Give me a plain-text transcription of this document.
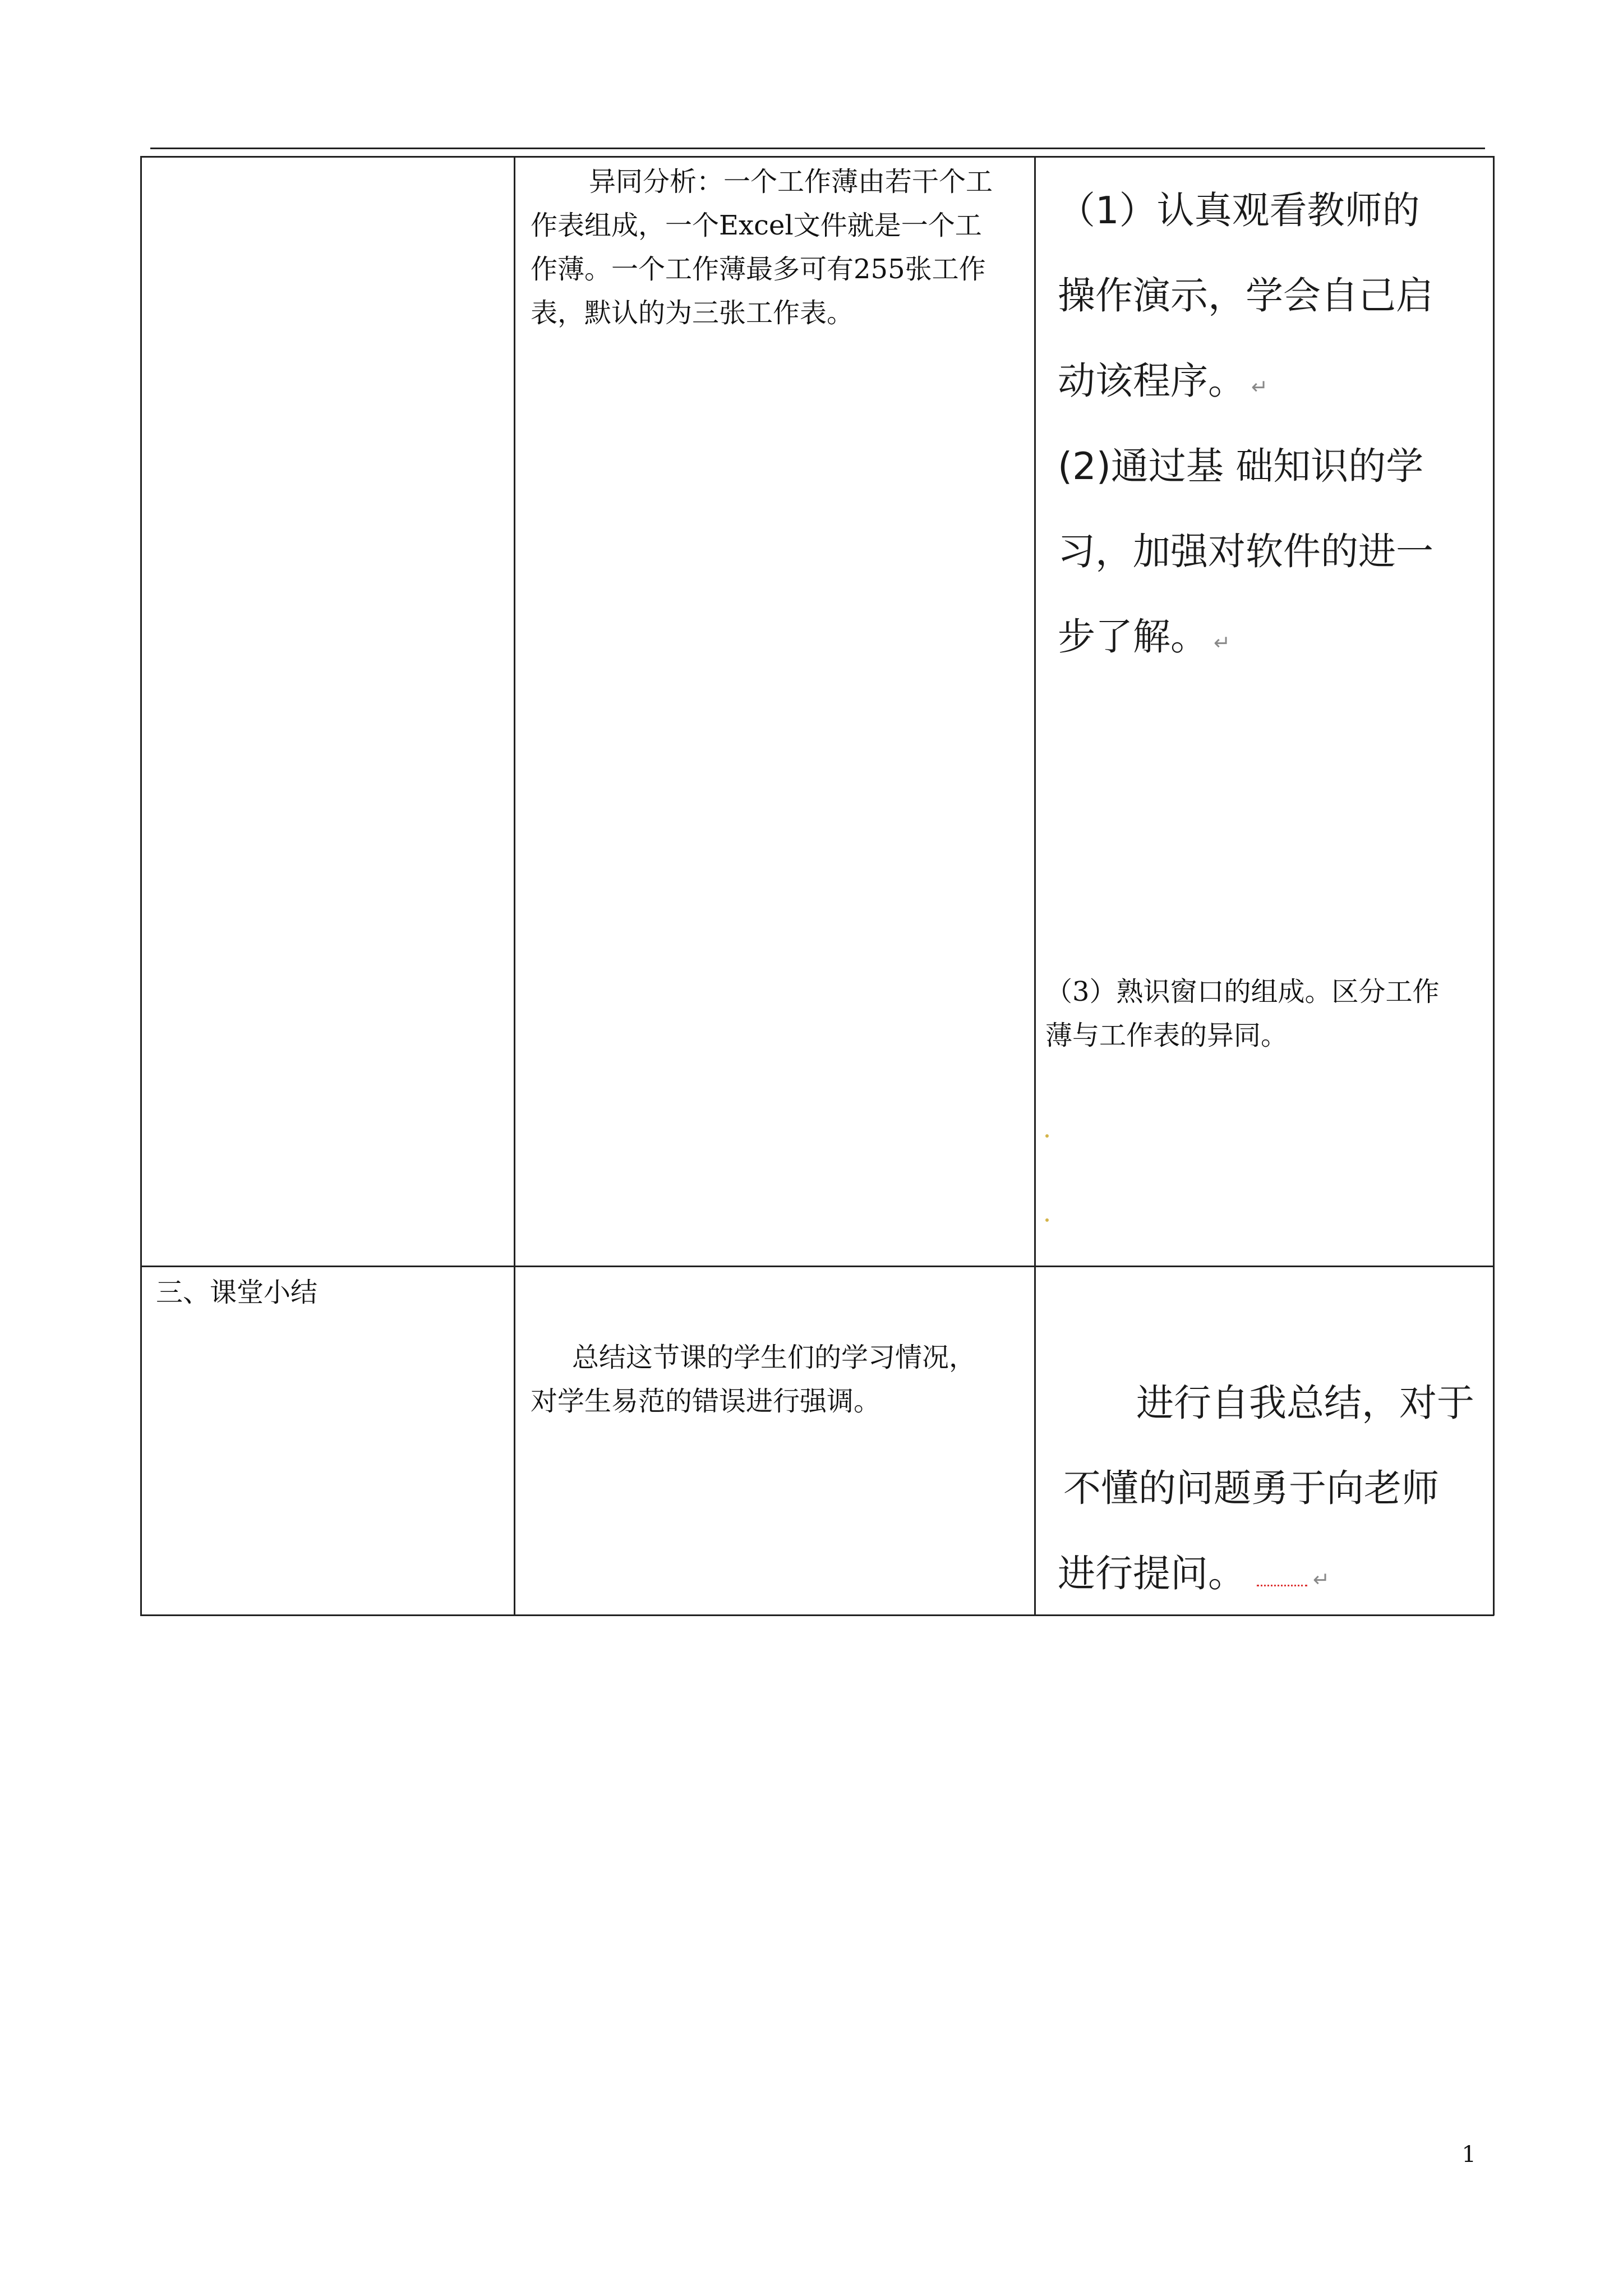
异同分析：一个工作薄由若干个工
作表组成，一个Excel文件就是一个工
作薄。一个工作薄最多可有255张工作
表，默认的为三张工作表。
（1）认真观看教师的
操作演示，学会自己启
动该程序。 ↵
(2)通过基 础知识的学
习，加强对软件的进一
步了解。 ↵
（3）熟识窗口的组成。区分工作
薄与工作表的异同。
三、课堂小结
总结这节课的学生们的学习情况，
对学生易范的错误进行强调。	进行自我总结，对于
不懂的问题勇于向老师
进行提问。	↵
1
